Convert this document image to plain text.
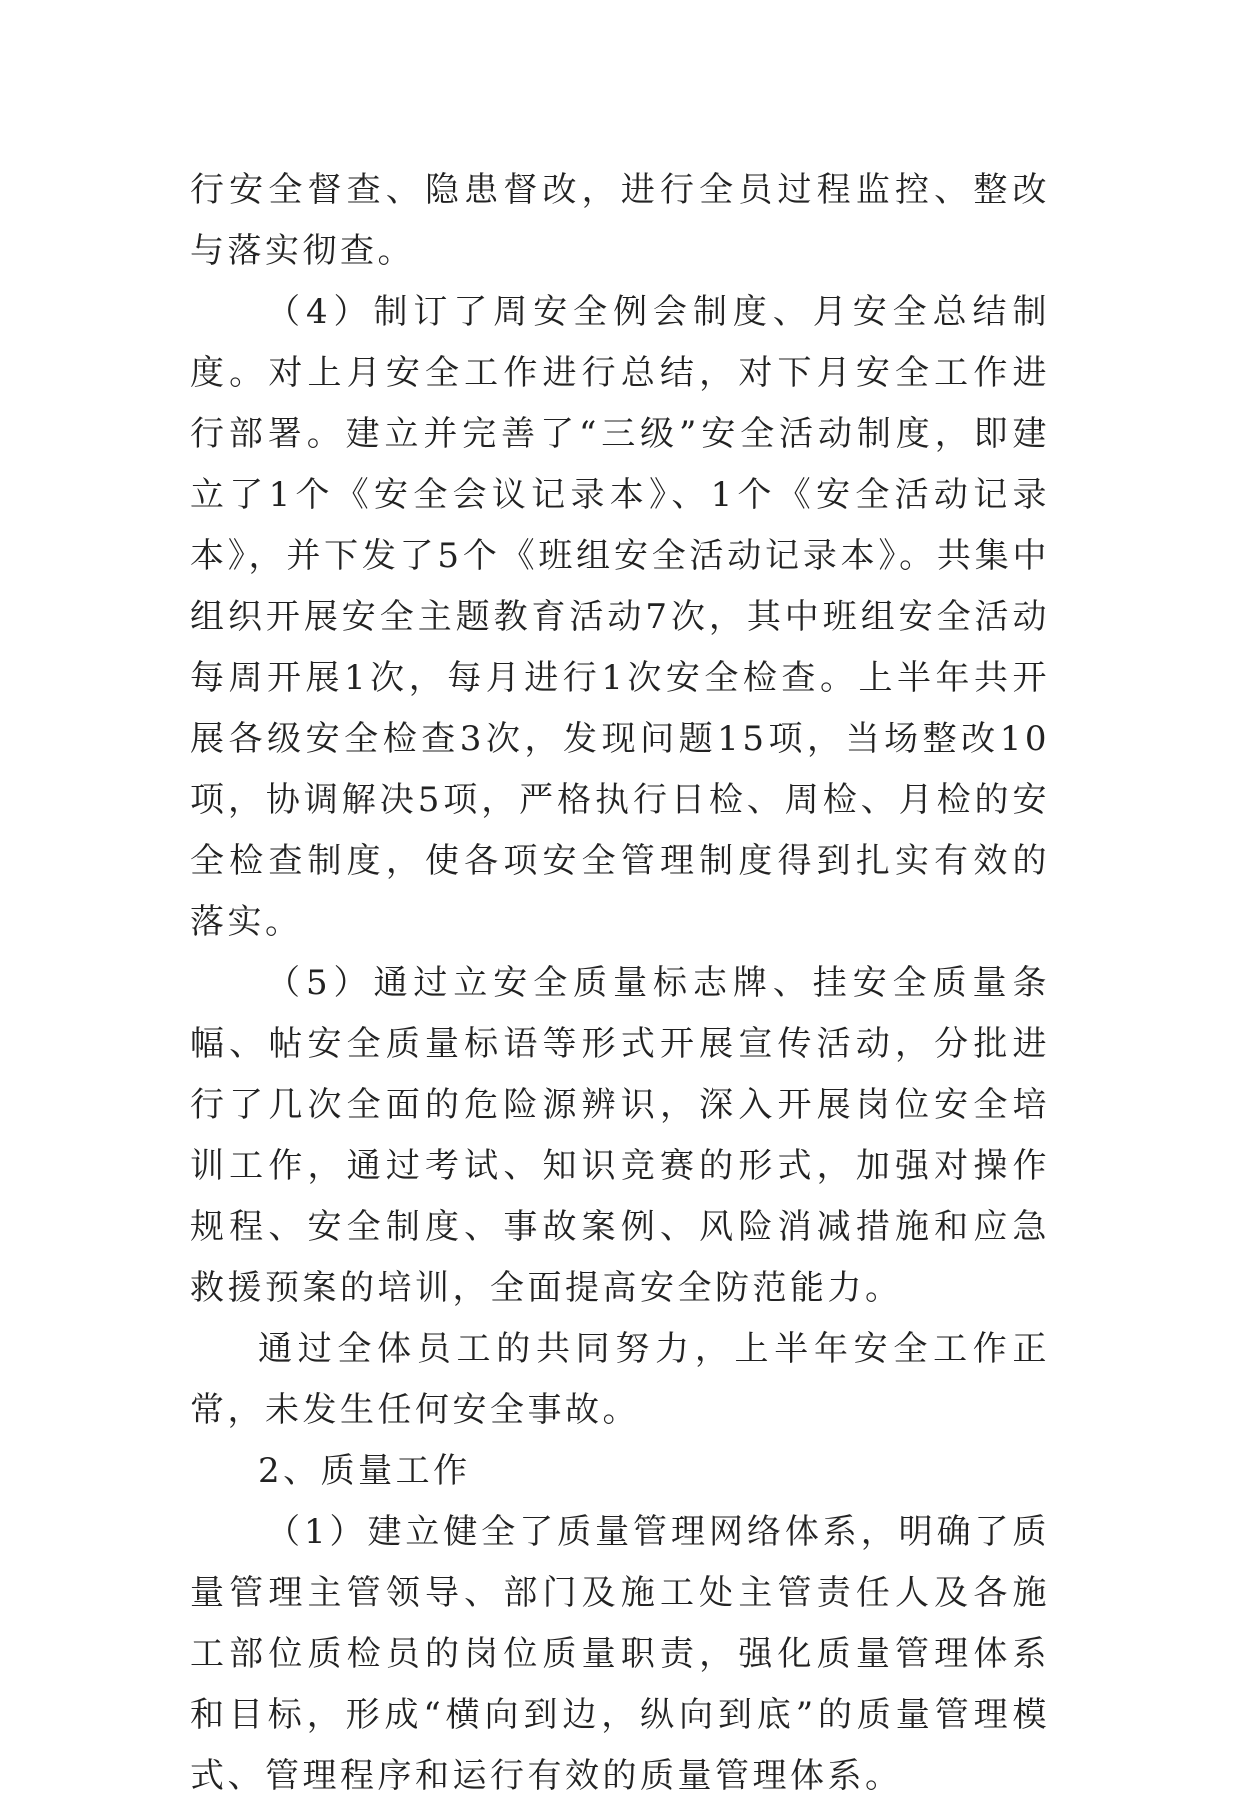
行安全督查、隐患督改，进行全员过程监控、整改与落实彻查。

（4）制订了周安全例会制度、月安全总结制度。对上月安全工作进行总结，对下月安全工作进行部署。建立并完善了“三级”安全活动制度，即建立了1个《安全会议记录本》、1个《安全活动记录本》，并下发了5个《班组安全活动记录本》。共集中组织开展安全主题教育活动7次，其中班组安全活动每周开展1次，每月进行1次安全检查。上半年共开展各级安全检查3次，发现问题15项，当场整改10项，协调解决5项，严格执行日检、周检、月检的安全检查制度，使各项安全管理制度得到扎实有效的落实。

（5）通过立安全质量标志牌、挂安全质量条幅、帖安全质量标语等形式开展宣传活动，分批进行了几次全面的危险源辨识，深入开展岗位安全培训工作，通过考试、知识竞赛的形式，加强对操作规程、安全制度、事故案例、风险消减措施和应急救援预案的培训，全面提高安全防范能力。

通过全体员工的共同努力，上半年安全工作正常，未发生任何安全事故。

2、质量工作

（1）建立健全了质量管理网络体系，明确了质量管理主管领导、部门及施工处主管责任人及各施工部位质检员的岗位质量职责，强化质量管理体系和目标，形成“横向到边，纵向到底”的质量管理模式、管理程序和运行有效的质量管理体系。
